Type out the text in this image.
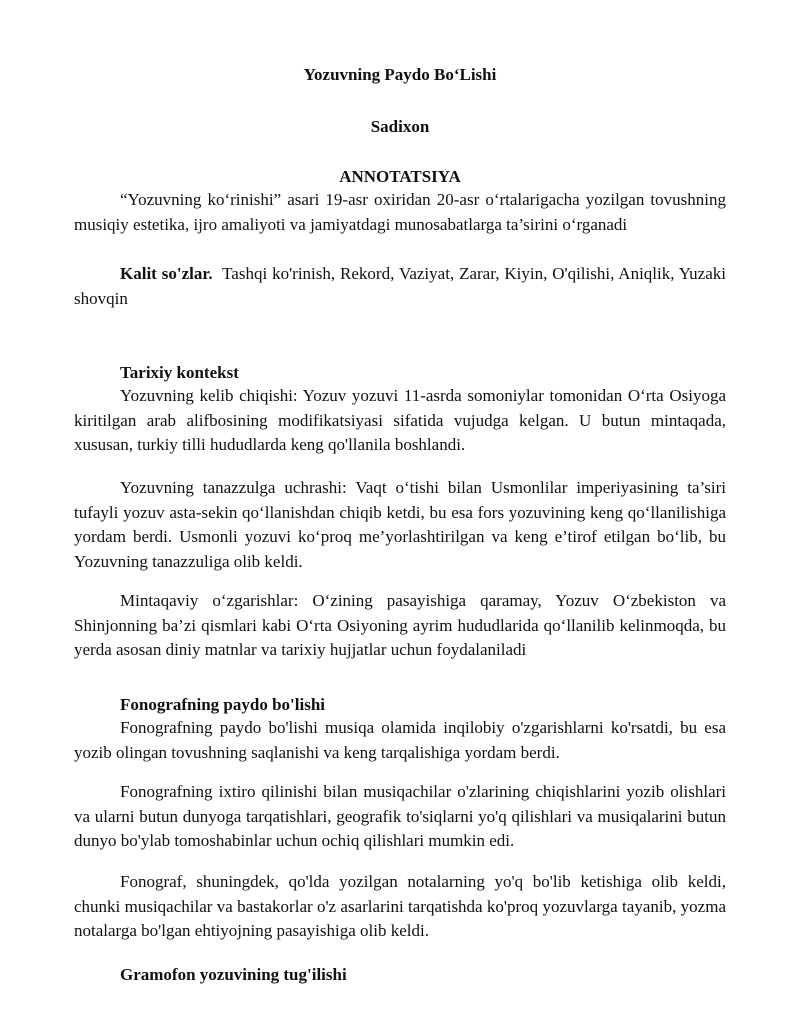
Yozuvning Paydo Bo‘Lishi
Sadixon
ANNOTATSIYA

“Yozuvning ko‘rinishi” asari 19-asr oxiridan 20-asr o‘rtalarigacha yozilgan tovushning musiqiy estetika, ijro amaliyoti va jamiyatdagi munosabatlarga ta’sirini o‘rganadi

Kalit so'zlar. Tashqi ko'rinish, Rekord, Vaziyat, Zarar, Kiyin, O'qilishi, Aniqlik, Yuzaki shovqin

Tarixiy kontekst

Yozuvning kelib chiqishi: Yozuv yozuvi 11-asrda somoniylar tomonidan O‘rta Osiyoga kiritilgan arab alifbosining modifikatsiyasi sifatida vujudga kelgan. U butun mintaqada, xususan, turkiy tilli hududlarda keng qo'llanila boshlandi.

Yozuvning tanazzulga uchrashi: Vaqt o‘tishi bilan Usmonlilar imperiyasining ta’siri tufayli yozuv asta-sekin qo‘llanishdan chiqib ketdi, bu esa fors yozuvining keng qo‘llanilishiga yordam berdi. Usmonli yozuvi ko‘proq me’yorlashtirilgan va keng e’tirof etilgan bo‘lib, bu Yozuvning tanazzuliga olib keldi.

Mintaqaviy o‘zgarishlar: O‘zining pasayishiga qaramay, Yozuv O‘zbekiston va Shinjonning ba’zi qismlari kabi O‘rta Osiyoning ayrim hududlarida qo‘llanilib kelinmoqda, bu yerda asosan diniy matnlar va tarixiy hujjatlar uchun foydalaniladi

Fonografning paydo bo'lishi

Fonografning paydo bo'lishi musiqa olamida inqilobiy o'zgarishlarni ko'rsatdi, bu esa yozib olingan tovushning saqlanishi va keng tarqalishiga yordam berdi.

Fonografning ixtiro qilinishi bilan musiqachilar o'zlarining chiqishlarini yozib olishlari va ularni butun dunyoga tarqatishlari, geografik to'siqlarni yo'q qilishlari va musiqalarini butun dunyo bo'ylab tomoshabinlar uchun ochiq qilishlari mumkin edi.

Fonograf, shuningdek, qo'lda yozilgan notalarning yo'q bo'lib ketishiga olib keldi, chunki musiqachilar va bastakorlar o'z asarlarini tarqatishda ko'proq yozuvlarga tayanib, yozma notalarga bo'lgan ehtiyojning pasayishiga olib keldi.

Gramofon yozuvining tug'ilishi
